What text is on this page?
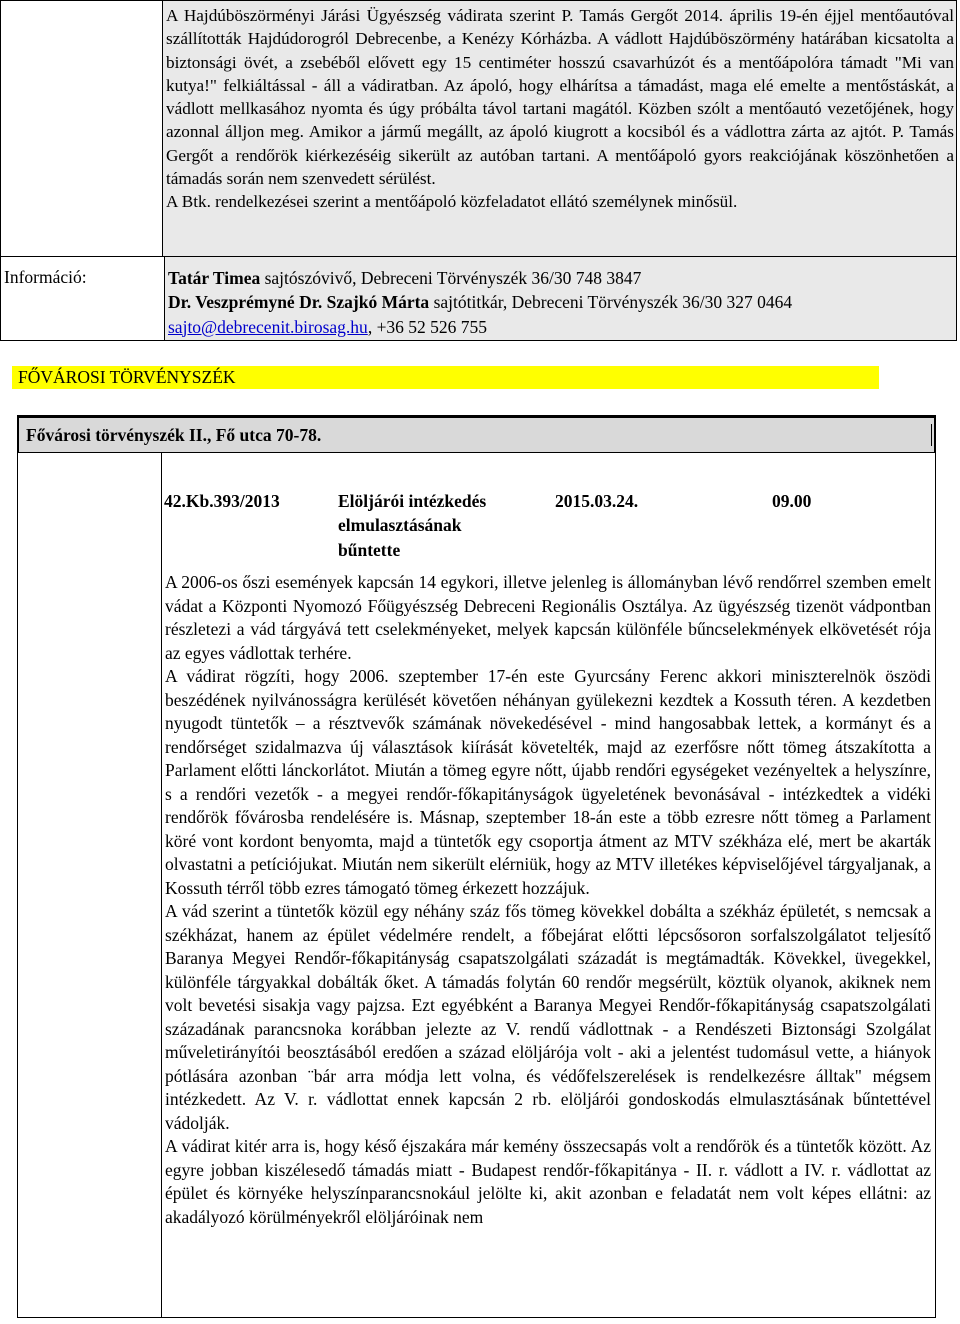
A Hajdúböszörményi Járási Ügyészség vádirata szerint P. Tamás Gergőt 2014. április 19-én éjjel mentőautóval szállították Hajdúdorogról Debrecenbe, a Kenézy Kórházba. A vádlott Hajdúböszörmény határában kicsatolta a biztonsági övét, a zsebéből elővett egy 15 centiméter hosszú csavarhúzót és a mentőápolóra támadt "Mi van kutya!" felkiáltással - áll a vádiratban. Az ápoló, hogy elhárítsa a támadást, maga elé emelte a mentőstáskát, a vádlott mellkasához nyomta és úgy próbálta távol tartani magától. Közben szólt a mentőautó vezetőjének, hogy azonnal álljon meg. Amikor a jármű megállt, az ápoló kiugrott a kocsiból és a vádlottra zárta az ajtót. P. Tamás Gergőt a rendőrök kiérkezéséig sikerült az autóban tartani. A mentőápoló gyors reakciójának köszönhetően a támadás során nem szenvedett sérülést.

A Btk. rendelkezései szerint a mentőápoló közfeladatot ellátó személynek minősül.

Információ:	Tatár Timea sajtószóvivő, Debreceni Törvényszék 36/30 748 3847
Dr. Veszprémyné Dr. Szajkó Márta sajtótitkár, Debreceni Törvényszék 36/30 327 0464
sajto@debrecenit.birosag.hu, +36 52 526 755
FŐVÁROSI TÖRVÉNYSZÉK
Fővárosi törvényszék II., Fő utca 70-78.
42.Kb.393/2013	Elöljárói intézkedés
elmulasztásának
bűntette
2015.03.24.	09.00

A 2006-os őszi események kapcsán 14 egykori, illetve jelenleg is állományban lévő rendőrrel szemben emelt vádat a Központi Nyomozó Főügyészség Debreceni Regionális Osztálya. Az ügyészség tizenöt vádpontban részletezi a vád tárgyává tett cselekményeket, melyek kapcsán különféle bűncselekmények elkövetését rója az egyes vádlottak terhére.

A vádirat rögzíti, hogy 2006. szeptember 17-én este Gyurcsány Ferenc akkori miniszterelnök öszödi beszédének nyilvánosságra kerülését követően néhányan gyülekezni kezdtek a Kossuth téren. A kezdetben nyugodt tüntetők – a résztvevők számának növekedésével - mind hangosabbak lettek, a kormányt és a rendőrséget szidalmazva új választások kiírását követelték, majd az ezerfősre nőtt tömeg átszakította a Parlament előtti lánckorlátot. Miután a tömeg egyre nőtt, újabb rendőri egységeket vezényeltek a helyszínre, s a rendőri vezetők - a megyei rendőr-főkapitányságok ügyeletének bevonásával - intézkedtek a vidéki rendőrök fővárosba rendelésére is. Másnap, szeptember 18-án este a több ezresre nőtt tömeg a Parlament köré vont kordont benyomta, majd a tüntetők egy csoportja átment az MTV székháza elé, mert be akarták olvastatni a petíciójukat. Miután nem sikerült elérniük, hogy az MTV illetékes képviselőjével tárgyaljanak, a Kossuth térről több ezres támogató tömeg érkezett hozzájuk.

A vád szerint a tüntetők közül egy néhány száz fős tömeg kövekkel dobálta a székház épületét, s nemcsak a székházat, hanem az épület védelmére rendelt, a főbejárat előtti lépcsősoron sorfalszolgálatot teljesítő Baranya Megyei Rendőr-főkapitányság csapatszolgálati századát is megtámadták. Kövekkel, üvegekkel, különféle tárgyakkal dobálták őket. A támadás folytán 60 rendőr megsérült, köztük olyanok, akiknek nem volt bevetési sisakja vagy pajzsa. Ezt egyébként a Baranya Megyei Rendőr-főkapitányság csapatszolgálati századának parancsnoka korábban jelezte az V. rendű vádlottnak - a Rendészeti Biztonsági Szolgálat műveletirányítói beosztásából eredően a század elöljárója volt - aki a jelentést tudomásul vette, a hiányok pótlására azonban ¨bár arra módja lett volna, és védőfelszerelések is rendelkezésre álltak" mégsem intézkedett. Az V. r. vádlottat ennek kapcsán 2 rb. elöljárói gondoskodás elmulasztásának bűntettével vádolják.

A vádirat kitér arra is, hogy késő éjszakára már kemény összecsapás volt a rendőrök és a tüntetők között. Az egyre jobban kiszélesedő támadás miatt - Budapest rendőr-főkapitánya - II. r. vádlott a IV. r. vádlottat az épület és környéke helyszínparancsnokául jelölte ki, akit azonban e feladatát nem volt képes ellátni: az akadályozó körülményekről elöljáróinak nem
